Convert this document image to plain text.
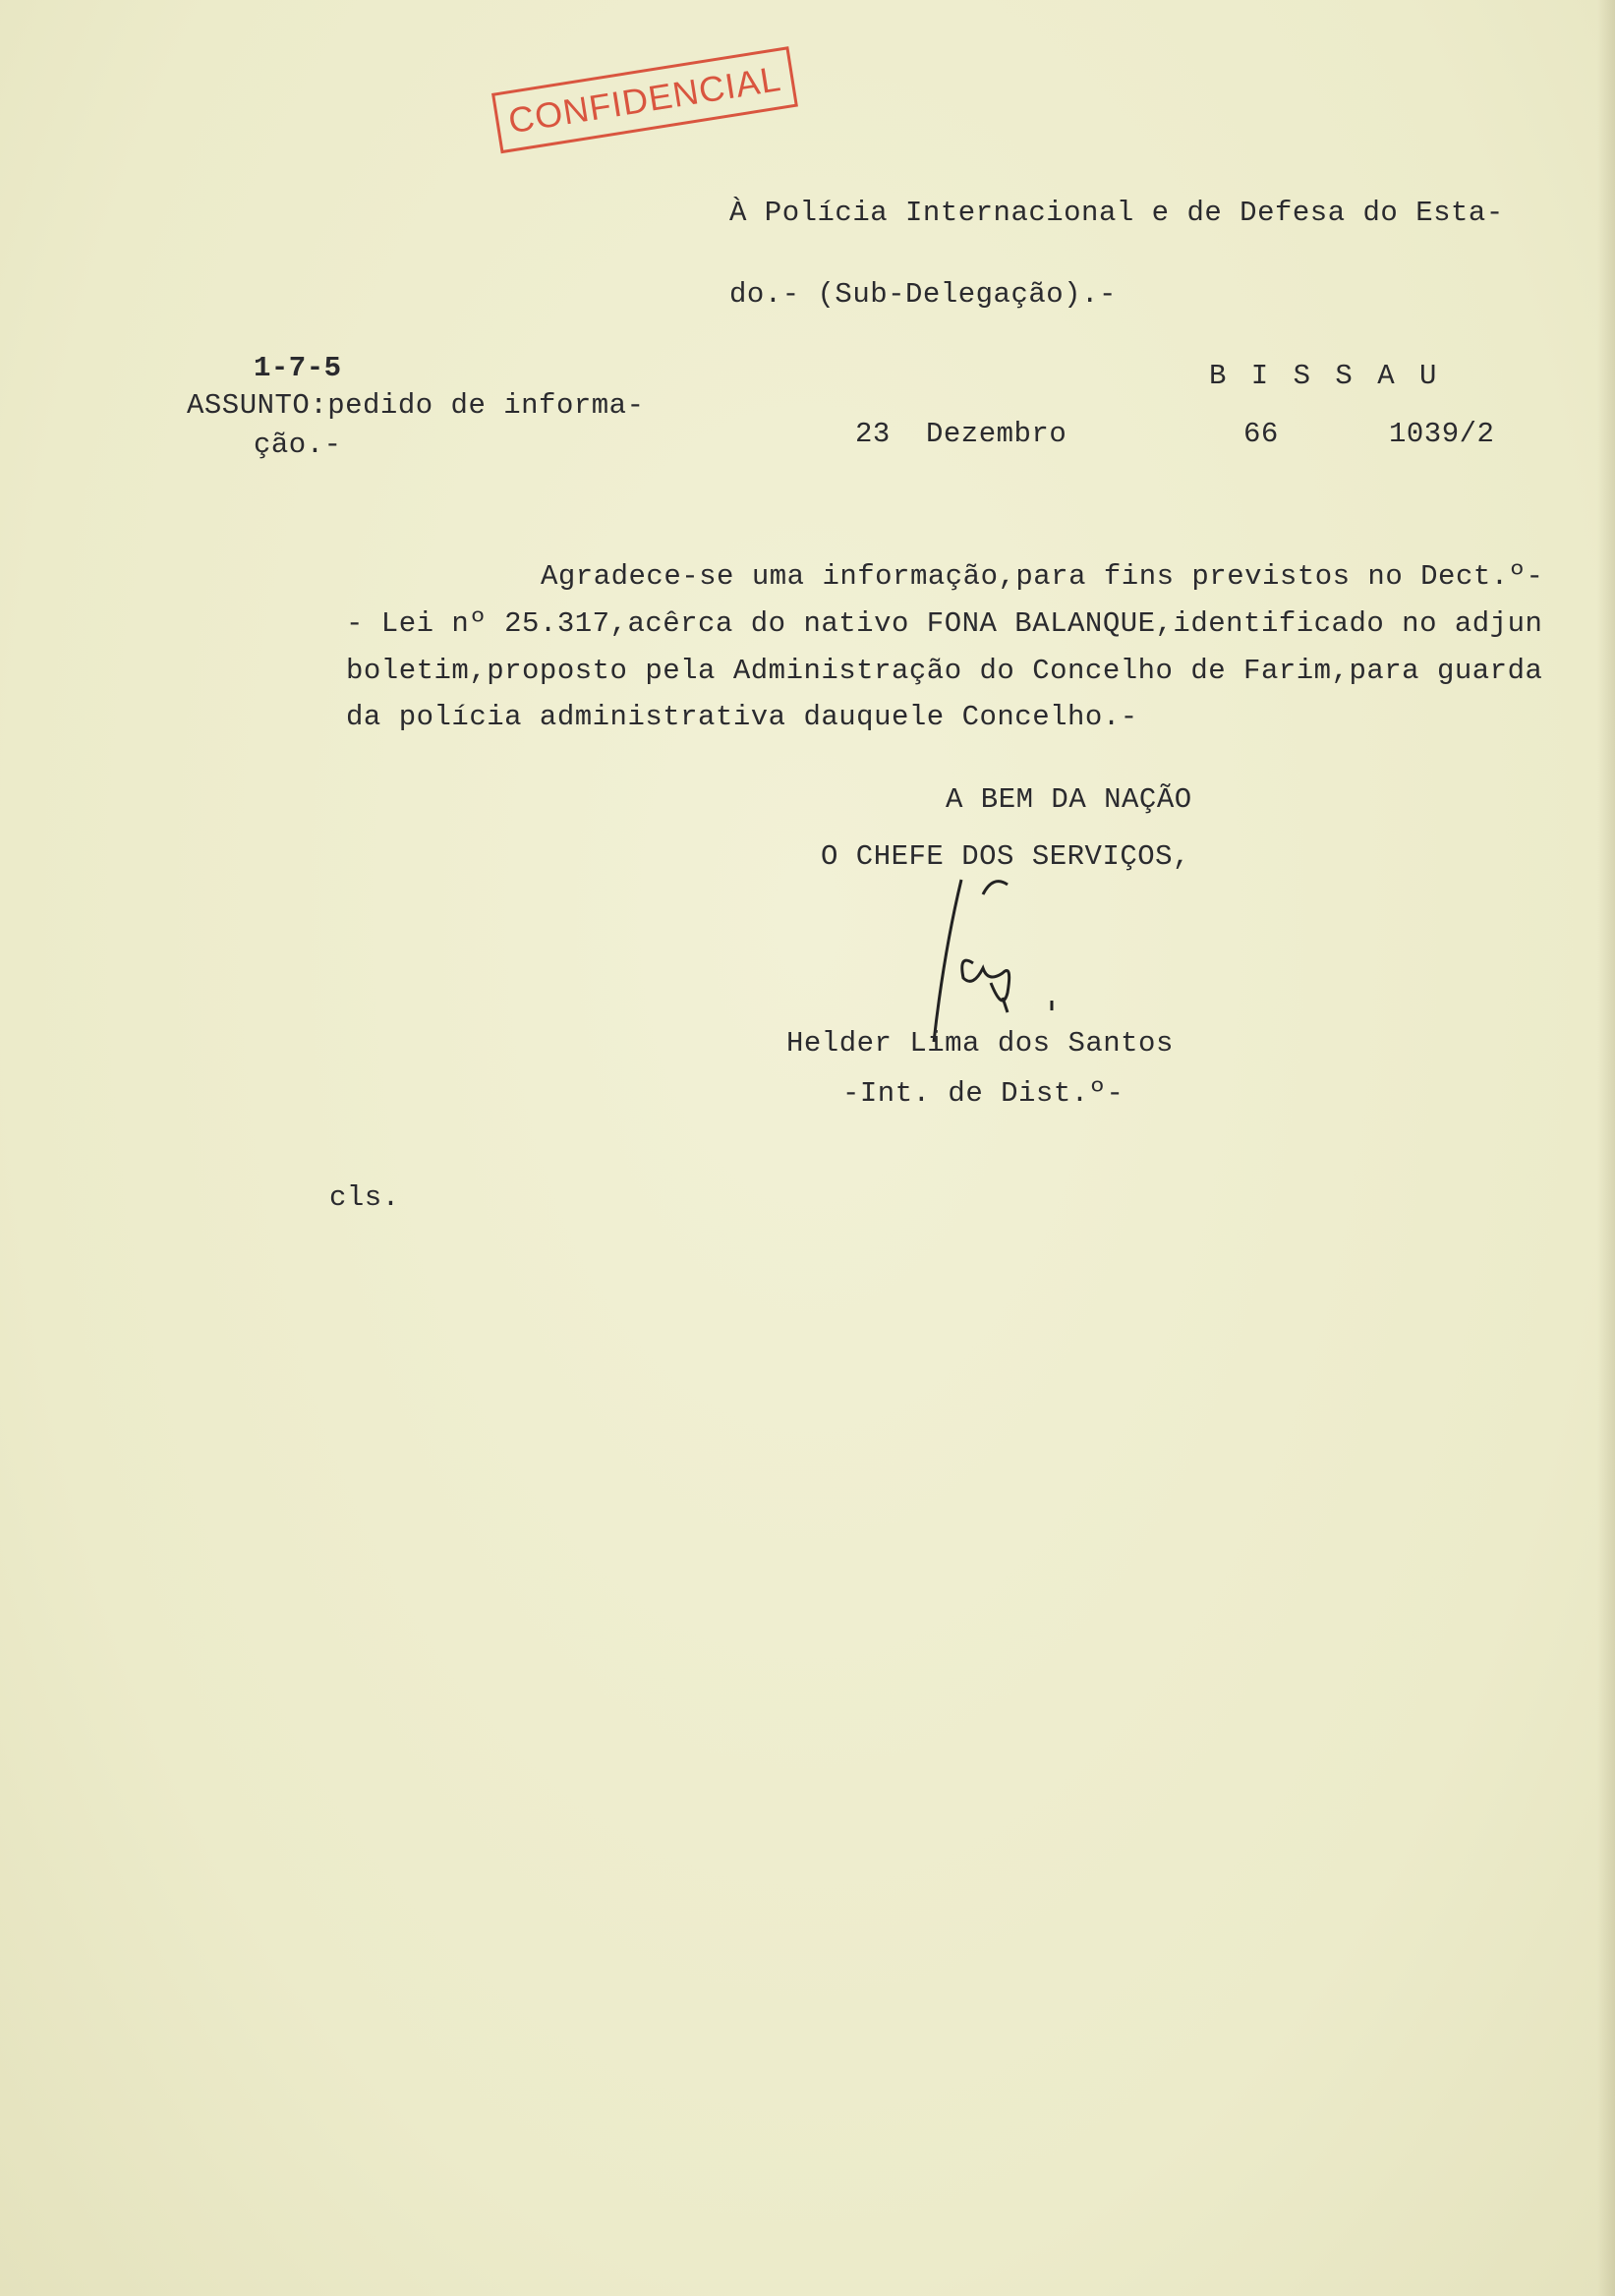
CONFIDENCIAL
À Polícia Internacional e de Defesa do Esta-
do.- (Sub-Delegação).-
1-7-5
ASSUNTO:pedido de informa-
ção.-
B I S S A U
23 Dezembro	66	1039/2
Agradece-se uma informação,para fins previstos no Dect.º-
- Lei nº 25.317,acêrca do nativo FONA BALANQUE,identificado no adjun
boletim,proposto pela Administração do Concelho de Farim,para guarda
da polícia administrativa dauquele Concelho.-
A BEM DA NAÇÃO
O CHEFE DOS SERVIÇOS,
Helder Lima dos Santos
-Int. de Dist.º-
cls.
